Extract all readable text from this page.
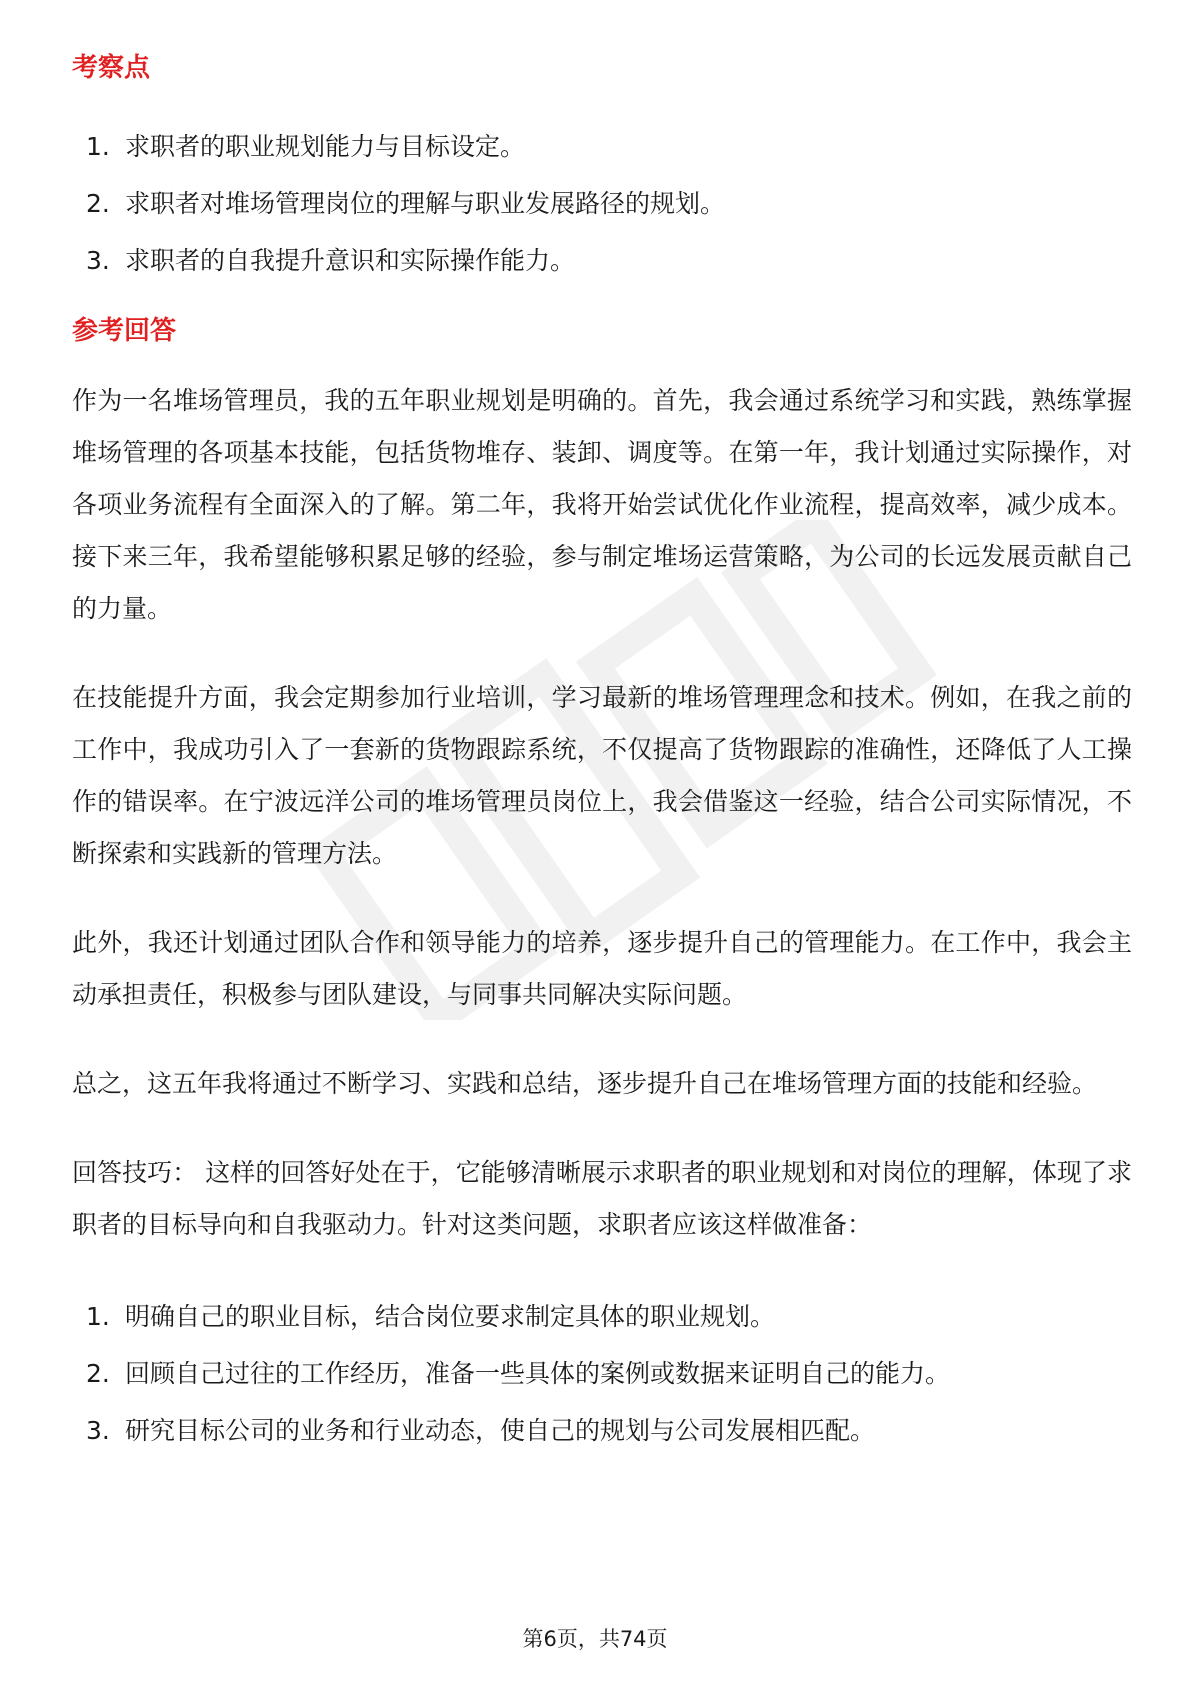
考察点
1. 求职者的职业规划能力与目标设定。
2. 求职者对堆场管理岗位的理解与职业发展路径的规划。
3. 求职者的自我提升意识和实际操作能力。
参考回答

作为一名堆场管理员，我的五年职业规划是明确的。首先，我会通过系统学习和实践，熟练掌握堆场管理的各项基本技能，包括货物堆存、装卸、调度等。在第一年，我计划通过实际操作，对各项业务流程有全面深入的了解。第二年，我将开始尝试优化作业流程，提高效率，减少成本。接下来三年，我希望能够积累足够的经验，参与制定堆场运营策略，为公司的长远发展贡献自己的力量。

在技能提升方面，我会定期参加行业培训，学习最新的堆场管理理念和技术。例如，在我之前的工作中，我成功引入了一套新的货物跟踪系统，不仅提高了货物跟踪的准确性，还降低了人工操作的错误率。在宁波远洋公司的堆场管理员岗位上，我会借鉴这一经验，结合公司实际情况，不断探索和实践新的管理方法。

此外，我还计划通过团队合作和领导能力的培养，逐步提升自己的管理能力。在工作中，我会主动承担责任，积极参与团队建设，与同事共同解决实际问题。

总之，这五年我将通过不断学习、实践和总结，逐步提升自己在堆场管理方面的技能和经验。

回答技巧： 这样的回答好处在于，它能够清晰展示求职者的职业规划和对岗位的理解，体现了求职者的目标导向和自我驱动力。针对这类问题，求职者应该这样做准备：

1. 明确自己的职业目标，结合岗位要求制定具体的职业规划。
2. 回顾自己过往的工作经历，准备一些具体的案例或数据来证明自己的能力。
3. 研究目标公司的业务和行业动态，使自己的规划与公司发展相匹配。
第6页，共74页
